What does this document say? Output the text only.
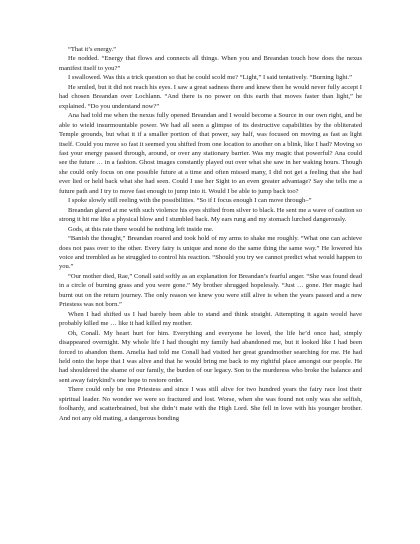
“That it’s energy.”

He nodded. “Energy that flows and connects all things. When you and Breandan touch how does the nexus manifest itself to you?”

I swallowed. Was this a trick question so that he could scold me? “Light,” I said tentatively. “Burning light.”

He smiled, but it did not reach his eyes. I saw a great sadness there and knew then he would never fully accept I had chosen Breandan over Lochlann. “And there is no power on this earth that moves faster than light,” he explained. “Do you understand now?”

Ana had told me when the nexus fully opened Breandan and I would become a Source in our own right, and be able to wield insurmountable power. We had all seen a glimpse of its destructive capabilities by the obliterated Temple grounds, but what it if a smaller portion of that power, say half, was focused on moving as fast as light itself. Could you move so fast it seemed you shifted from one location to another on a blink, like I had? Moving so fast your energy passed through, around, or over any stationary barrier. Was my magic that powerful? Ana could see the future … in a fashion. Ghost images constantly played out over what she saw in her waking hours. Though she could only focus on one possible future at a time and often missed many, I did not get a feeling that she had ever lied or held back what she had seen. Could I use her Sight to an even greater advantage? Say she tells me a future path and I try to move fast enough to jump into it. Would I be able to jump back too?

I spoke slowly still reeling with the possibilities. “So if I focus enough I can move through–”

Breandan glared at me with such violence his eyes shifted from silver to black. He sent me a wave of caution so strong it hit me like a physical blow and I stumbled back. My ears rung and my stomach lurched dangerously.

Gods, at this rate there would be nothing left inside me.

“Banish the thought,” Breandan roared and took hold of my arms to shake me roughly. “What one can achieve does not pass over to the other. Every fairy is unique and none do the same thing the same way.” He lowered his voice and trembled as he struggled to control his reaction. “Should you try we cannot predict what would happen to you.”

“Our mother died, Rae,” Conall said softly as an explanation for Breandan’s fearful anger. “She was found dead in a circle of burning grass and you were gone.” My brother shrugged hopelessly. “Just … gone. Her magic had burnt out on the return journey. The only reason we knew you were still alive is when the years passed and a new Priestess was not born.”

When I had shifted us I had barely been able to stand and think straight. Attempting it again would have probably killed me … like it had killed my mother.

Oh, Conall. My heart hurt for him. Everything and everyone he loved, the life he’d once had, simply disappeared overnight. My whole life I had thought my family had abandoned me, but it looked like I had been forced to abandon them. Amelia had told me Conall had visited her great grandmother searching for me. He had held onto the hope that I was alive and that he would bring me back to my rightful place amongst our people. He had shouldered the shame of our family, the burden of our legacy. Son to the murderess who broke the balance and sent away fairykind’s one hope to restore order.

There could only be one Priestess and since I was still alive for two hundred years the fairy race lost their spiritual leader. No wonder we were so fractured and lost. Worse, when she was found not only was she selfish, foolhardy, and scatterbrained, but she didn’t mate with the High Lord. She fell in love with his younger brother. And not any old mating, a dangerous bonding
